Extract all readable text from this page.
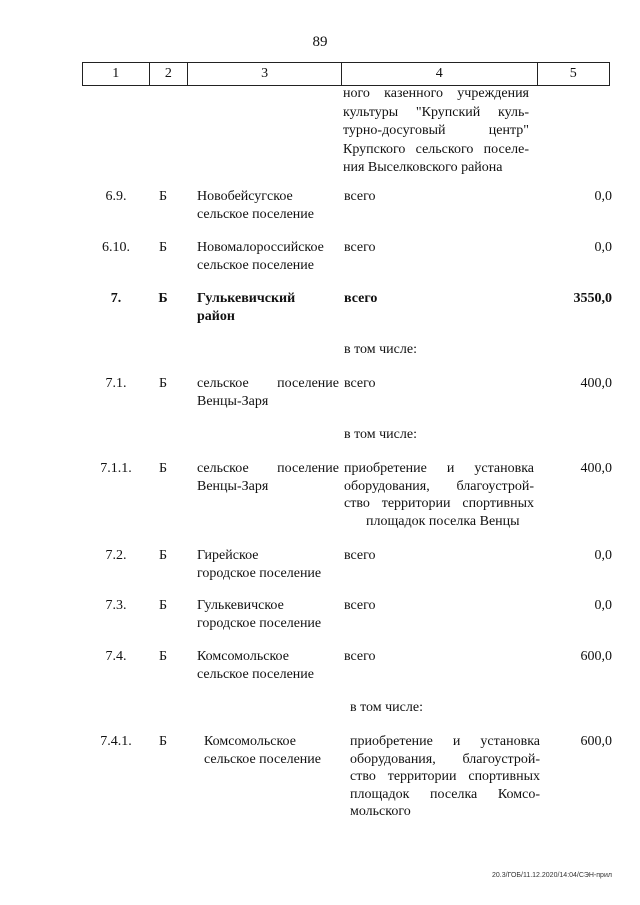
89
1	2	3	4	5
ного казенного учреждения
культуры "Крупский куль-
турно-досуговый центр"
Крупского сельского поселе-
ния Выселковского района
6.9.	Б	Новобейсугское
сельское поселение
всего	0,0
6.10.	Б	Новомалороссийское
сельское поселение
всего	0,0
7.	Б	Гулькевичский
район
всего	3550,0
в том числе:
7.1.	Б	сельское поселение
Венцы-Заря
всего	400,0
в том числе:
7.1.1.	Б	сельское поселение
Венцы-Заря
приобретение и установка
оборудования, благоустрой-
ство территории спортивных
площадок поселка Венцы
400,0
7.2.	Б	Гирейское
городское поселение
всего	0,0
7.3.	Б	Гулькевичское
городское поселение
всего	0,0
7.4.	Б	Комсомольское
сельское поселение
всего	600,0
в том числе:
7.4.1.	Б	Комсомольское
сельское поселение
приобретение и установка
оборудования, благоустрой-
ство территории спортивных
площадок поселка Комсо-
мольского
600,0
20.3/ГОБ/11.12.2020/14:04/СЭН-прил
